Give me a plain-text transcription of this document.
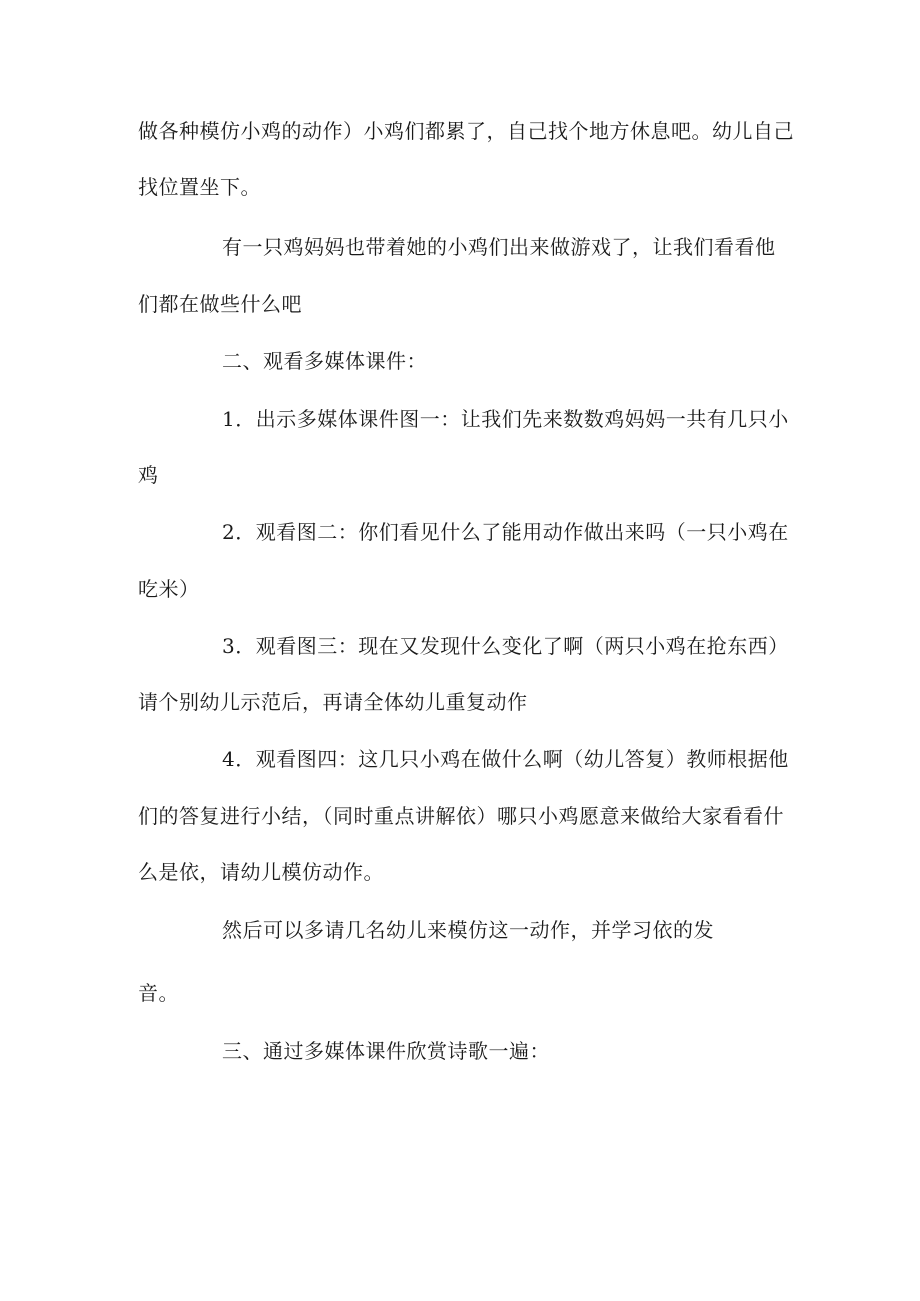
做各种模仿小鸡的动作）小鸡们都累了，自己找个地方休息吧。幼儿自己
找位置坐下。
有一只鸡妈妈也带着她的小鸡们出来做游戏了，让我们看看他
们都在做些什么吧
二、观看多媒体课件：
1．出示多媒体课件图一：让我们先来数数鸡妈妈一共有几只小
鸡
2．观看图二：你们看见什么了能用动作做出来吗（一只小鸡在
吃米）
3．观看图三：现在又发现什么变化了啊（两只小鸡在抢东西）
请个别幼儿示范后，再请全体幼儿重复动作
4．观看图四：这几只小鸡在做什么啊（幼儿答复）教师根据他
们的答复进行小结，（同时重点讲解依）哪只小鸡愿意来做给大家看看什
么是依，请幼儿模仿动作。
然后可以多请几名幼儿来模仿这一动作，并学习依的发
音。
三、通过多媒体课件欣赏诗歌一遍：
